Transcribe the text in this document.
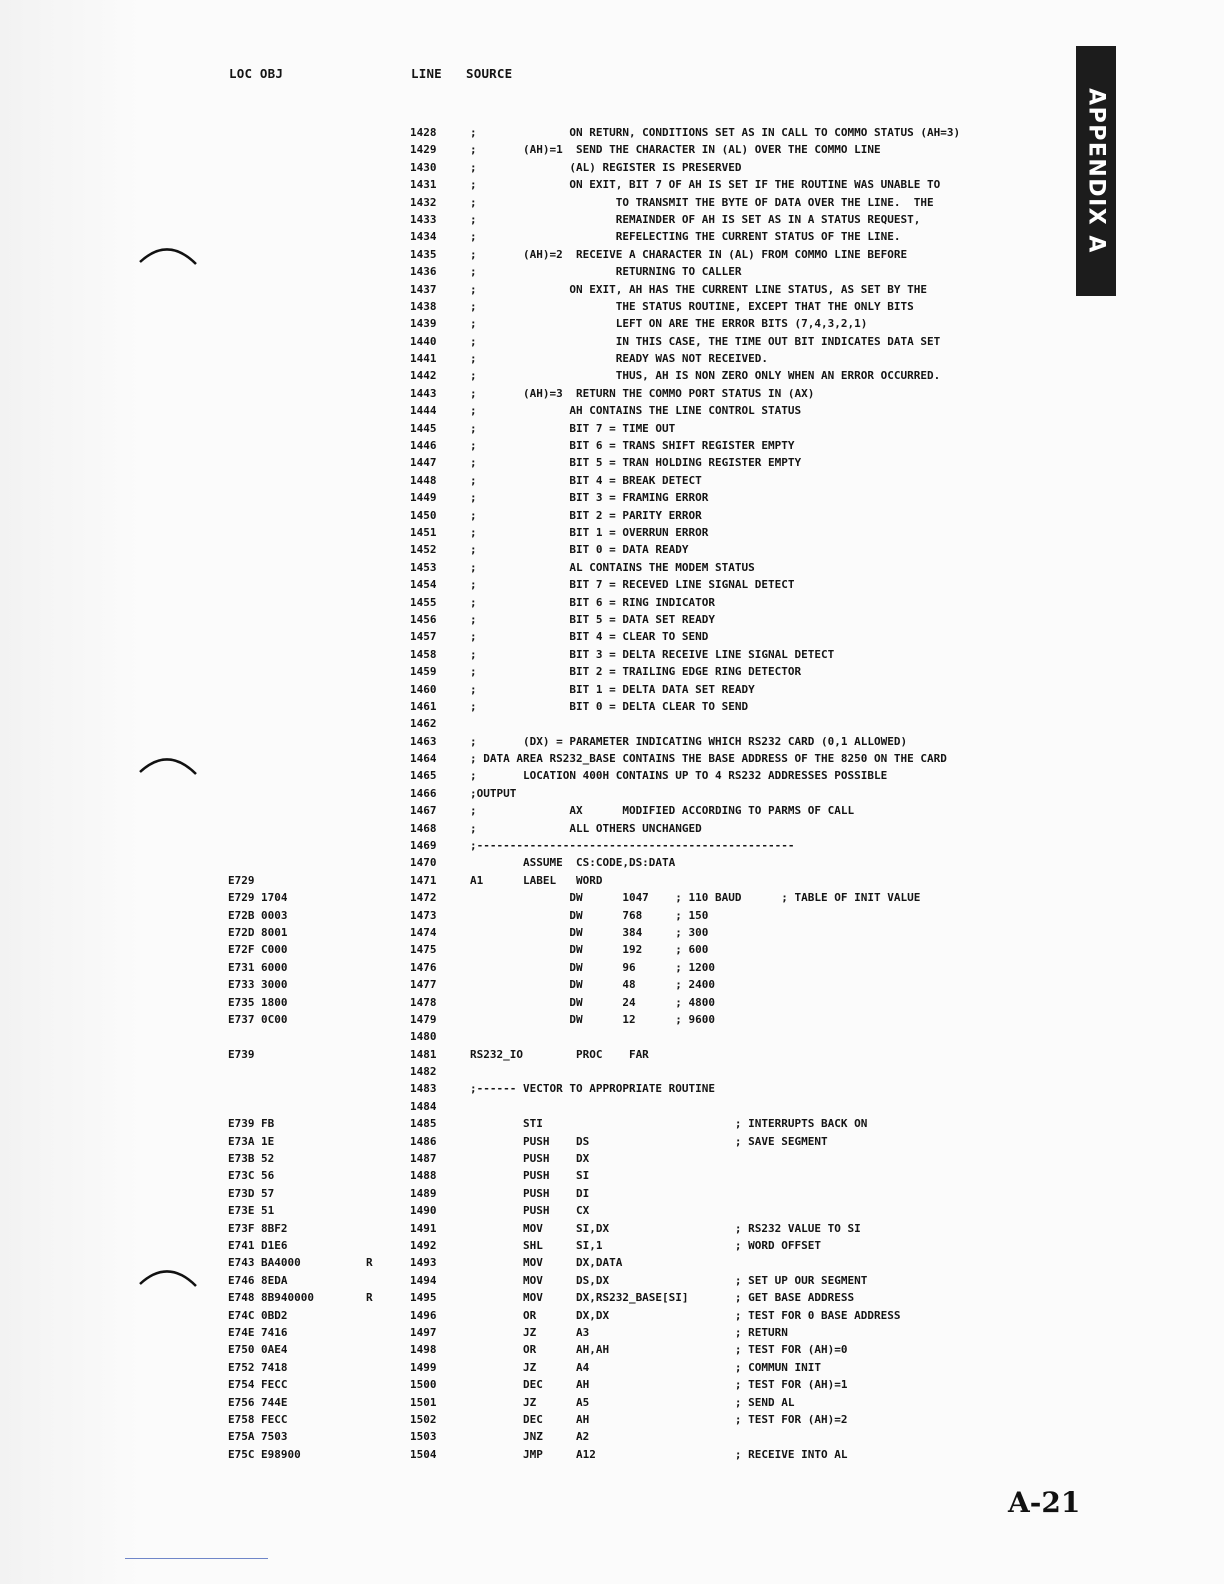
LOC OBJ	LINE SOURCE
APPENDIX A
1428	;              ON RETURN, CONDITIONS SET AS IN CALL TO COMMO STATUS (AH=3)
1429	;       (AH)=1  SEND THE CHARACTER IN (AL) OVER THE COMMO LINE
1430	;              (AL) REGISTER IS PRESERVED
1431	;              ON EXIT, BIT 7 OF AH IS SET IF THE ROUTINE WAS UNABLE TO
1432	;                     TO TRANSMIT THE BYTE OF DATA OVER THE LINE.  THE
1433	;                     REMAINDER OF AH IS SET AS IN A STATUS REQUEST,
1434	;                     REFELECTING THE CURRENT STATUS OF THE LINE.
1435	;       (AH)=2  RECEIVE A CHARACTER IN (AL) FROM COMMO LINE BEFORE
1436	;                     RETURNING TO CALLER
1437	;              ON EXIT, AH HAS THE CURRENT LINE STATUS, AS SET BY THE
1438	;                     THE STATUS ROUTINE, EXCEPT THAT THE ONLY BITS
1439	;                     LEFT ON ARE THE ERROR BITS (7,4,3,2,1)
1440	;                     IN THIS CASE, THE TIME OUT BIT INDICATES DATA SET
1441	;                     READY WAS NOT RECEIVED.
1442	;                     THUS, AH IS NON ZERO ONLY WHEN AN ERROR OCCURRED.
1443	;       (AH)=3  RETURN THE COMMO PORT STATUS IN (AX)
1444	;              AH CONTAINS THE LINE CONTROL STATUS
1445	;              BIT 7 = TIME OUT
1446	;              BIT 6 = TRANS SHIFT REGISTER EMPTY
1447	;              BIT 5 = TRAN HOLDING REGISTER EMPTY
1448	;              BIT 4 = BREAK DETECT
1449	;              BIT 3 = FRAMING ERROR
1450	;              BIT 2 = PARITY ERROR
1451	;              BIT 1 = OVERRUN ERROR
1452	;              BIT 0 = DATA READY
1453	;              AL CONTAINS THE MODEM STATUS
1454	;              BIT 7 = RECEVED LINE SIGNAL DETECT
1455	;              BIT 6 = RING INDICATOR
1456	;              BIT 5 = DATA SET READY
1457	;              BIT 4 = CLEAR TO SEND
1458	;              BIT 3 = DELTA RECEIVE LINE SIGNAL DETECT
1459	;              BIT 2 = TRAILING EDGE RING DETECTOR
1460	;              BIT 1 = DELTA DATA SET READY
1461	;              BIT 0 = DELTA CLEAR TO SEND
1462
1463	;       (DX) = PARAMETER INDICATING WHICH RS232 CARD (0,1 ALLOWED)
1464	; DATA AREA RS232_BASE CONTAINS THE BASE ADDRESS OF THE 8250 ON THE CARD
1465	;       LOCATION 400H CONTAINS UP TO 4 RS232 ADDRESSES POSSIBLE
1466	;OUTPUT
1467	;              AX      MODIFIED ACCORDING TO PARMS OF CALL
1468	;              ALL OTHERS UNCHANGED
1469	;------------------------------------------------
1470	ASSUME  CS:CODE,DS:DATA
E729	1471	A1      LABEL   WORD
E729 1704	1472	DW      1047    ; 110 BAUD      ; TABLE OF INIT VALUE
E72B 0003	1473	DW      768     ; 150
E72D 8001	1474	DW      384     ; 300
E72F C000	1475	DW      192     ; 600
E731 6000	1476	DW      96      ; 1200
E733 3000	1477	DW      48      ; 2400
E735 1800	1478	DW      24      ; 4800
E737 0C00	1479	DW      12      ; 9600
1480
E739	1481	RS232_IO        PROC    FAR
1482
1483	;------ VECTOR TO APPROPRIATE ROUTINE
1484
E739 FB	1485	STI                             ; INTERRUPTS BACK ON
E73A 1E	1486	PUSH    DS                      ; SAVE SEGMENT
E73B 52	1487	PUSH    DX
E73C 56	1488	PUSH    SI
E73D 57	1489	PUSH    DI
E73E 51	1490	PUSH    CX
E73F 8BF2	1491	MOV     SI,DX                   ; RS232 VALUE TO SI
E741 D1E6	1492	SHL     SI,1                    ; WORD OFFSET
E743 BA4000	R	1493	MOV     DX,DATA
E746 8EDA	1494	MOV     DS,DX                   ; SET UP OUR SEGMENT
E748 8B940000	R	1495	MOV     DX,RS232_BASE[SI]       ; GET BASE ADDRESS
E74C 0BD2	1496	OR      DX,DX                   ; TEST FOR 0 BASE ADDRESS
E74E 7416	1497	JZ      A3                      ; RETURN
E750 0AE4	1498	OR      AH,AH                   ; TEST FOR (AH)=0
E752 7418	1499	JZ      A4                      ; COMMUN INIT
E754 FECC	1500	DEC     AH                      ; TEST FOR (AH)=1
E756 744E	1501	JZ      A5                      ; SEND AL
E758 FECC	1502	DEC     AH                      ; TEST FOR (AH)=2
E75A 7503	1503	JNZ     A2
E75C E98900	1504	JMP     A12                     ; RECEIVE INTO AL
A-21
